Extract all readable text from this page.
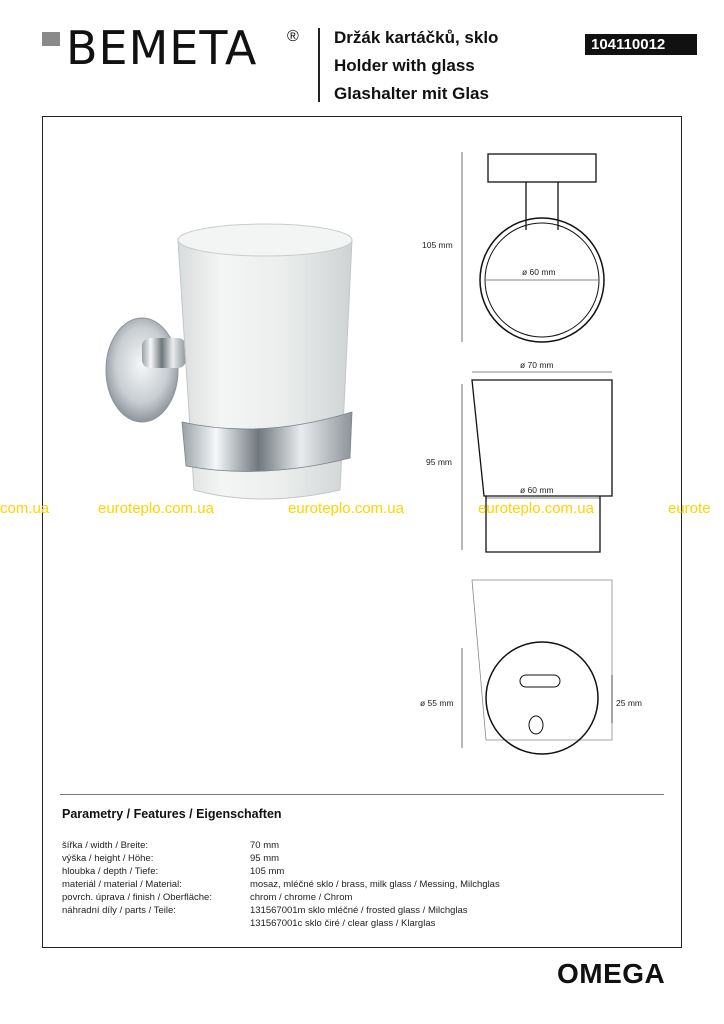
BEMETA ® Držák kartáčků, sklo
Holder with glass
Glashalter mit Glas
104110012
ø 60 mm
105 mm
ø 70 mm
ø 60 mm
95 mm
ø 55 mm	25 mm
com.ua	euroteplo.com.ua	euroteplo.com.ua	euroteplo.com.ua	eurote
Parametry / Features / Eigenschaften
šířka / width / Breite:	70 mm
výška / height / Höhe:	95 mm
hloubka / depth / Tiefe:	105 mm
materiál / material / Material:	mosaz, mléčné sklo / brass, milk glass / Messing, Milchglas
povrch. úprava / finish / Oberfläche:	chrom / chrome / Chrom
náhradní díly / parts / Teile:	131567001m sklo mléčné / frosted glass / Milchglas
131567001c sklo čiré / clear glass / Klarglas
OMEGA
